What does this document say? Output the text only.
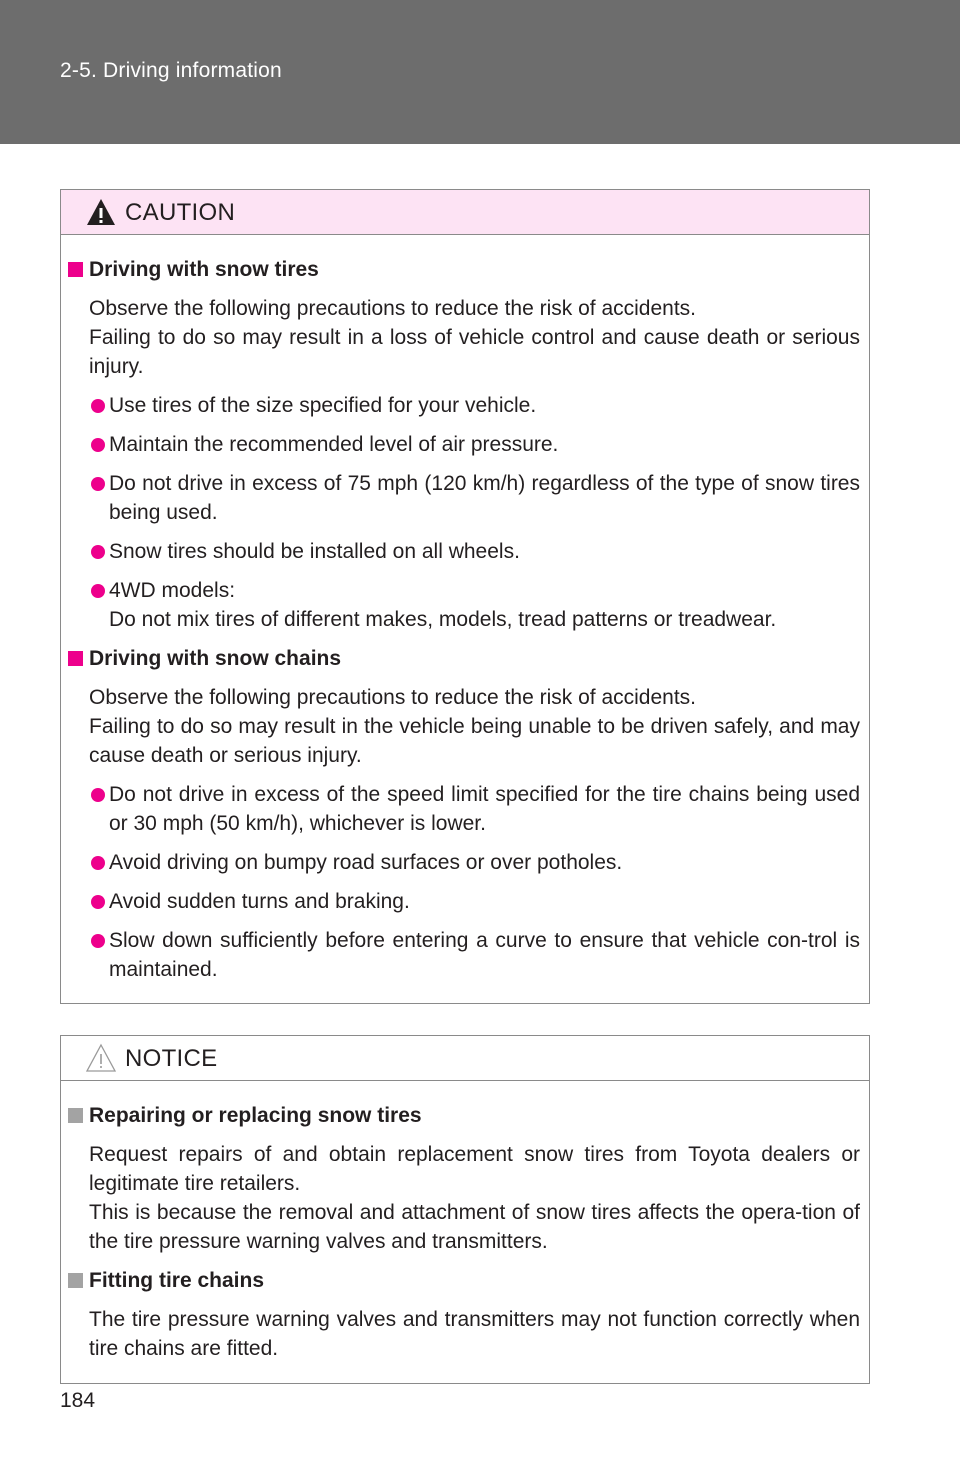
2-5. Driving information
CAUTION
Driving with snow tires
Observe the following precautions to reduce the risk of accidents.
Failing to do so may result in a loss of vehicle control and cause death or serious injury.
Use tires of the size specified for your vehicle.
Maintain the recommended level of air pressure.
Do not drive in excess of 75 mph (120 km/h) regardless of the type of snow tires being used.
Snow tires should be installed on all wheels.
4WD models:
Do not mix tires of different makes, models, tread patterns or treadwear.
Driving with snow chains
Observe the following precautions to reduce the risk of accidents.
Failing to do so may result in the vehicle being unable to be driven safely, and may cause death or serious injury.
Do not drive in excess of the speed limit specified for the tire chains being used or 30 mph (50 km/h), whichever is lower.
Avoid driving on bumpy road surfaces or over potholes.
Avoid sudden turns and braking.
Slow down sufficiently before entering a curve to ensure that vehicle con-trol is maintained.
NOTICE
Repairing or replacing snow tires
Request repairs of and obtain replacement snow tires from Toyota dealers or legitimate tire retailers.
This is because the removal and attachment of snow tires affects the opera-tion of the tire pressure warning valves and transmitters.
Fitting tire chains
The tire pressure warning valves and transmitters may not function correctly when tire chains are fitted.
184
